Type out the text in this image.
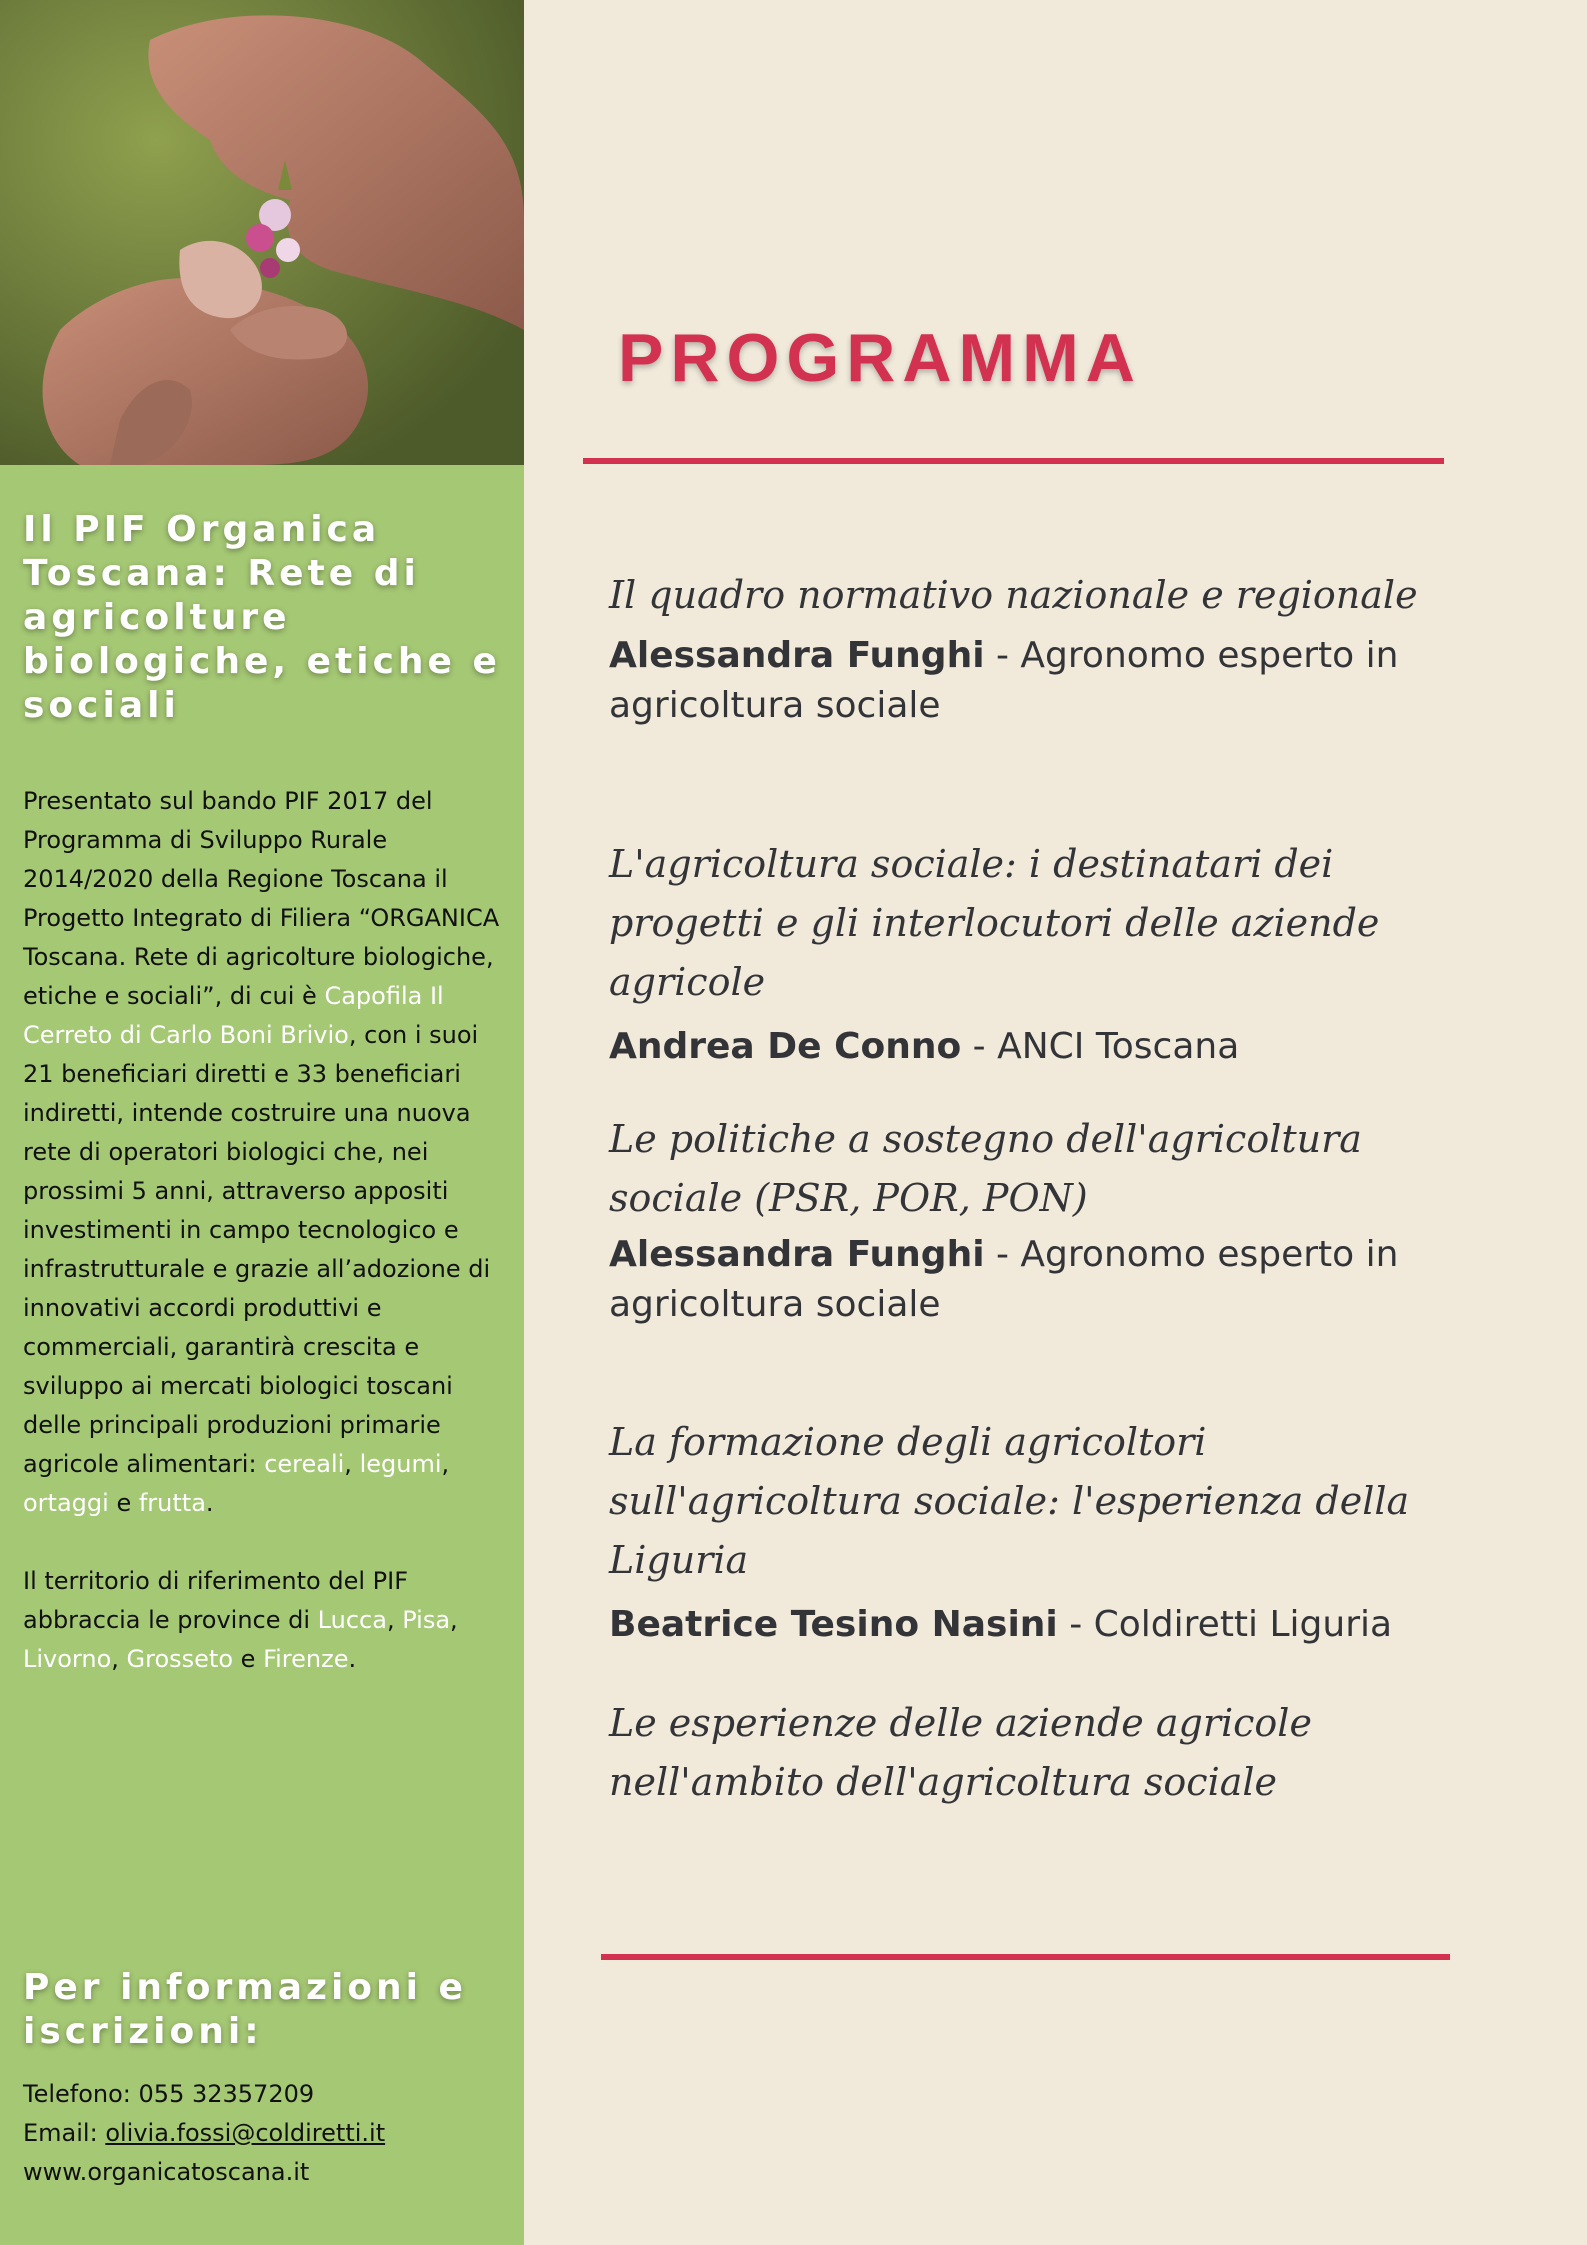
Il PIF Organica Toscana: Rete di agricolture biologiche, etiche e sociali

Presentato sul bando PIF 2017 del Programma di Sviluppo Rurale 2014/2020 della Regione Toscana il Progetto Integrato di Filiera “ORGANICA Toscana. Rete di agricolture biologiche, etiche e sociali”, di cui è Capofila Il Cerreto di Carlo Boni Brivio, con i suoi 21 beneficiari diretti e 33 beneficiari indiretti, intende costruire una nuova rete di operatori biologici che, nei prossimi 5 anni, attraverso appositi investimenti in campo tecnologico e infrastrutturale e grazie all’adozione di innovativi accordi produttivi e commerciali, garantirà crescita e sviluppo ai mercati biologici toscani delle principali produzioni primarie agricole alimentari: cereali, legumi, ortaggi e frutta.

Il territorio di riferimento del PIF abbraccia le province di Lucca, Pisa, Livorno, Grosseto e Firenze.

Per informazioni e iscrizioni:
Telefono: 055 32357209
Email: olivia.fossi@coldiretti.it
www.organicatoscana.it
PROGRAMMA

Il quadro normativo nazionale e regionale

Alessandra Funghi - Agronomo esperto in agricoltura sociale

L'agricoltura sociale: i destinatari dei progetti e gli interlocutori delle aziende agricole

Andrea De Conno - ANCI Toscana

Le politiche a sostegno dell'agricoltura sociale (PSR, POR, PON)

Alessandra Funghi - Agronomo esperto in agricoltura sociale

La formazione degli agricoltori sull'agricoltura sociale: l'esperienza della Liguria

Beatrice Tesino Nasini - Coldiretti Liguria

Le esperienze delle aziende agricole nell'ambito dell'agricoltura sociale
